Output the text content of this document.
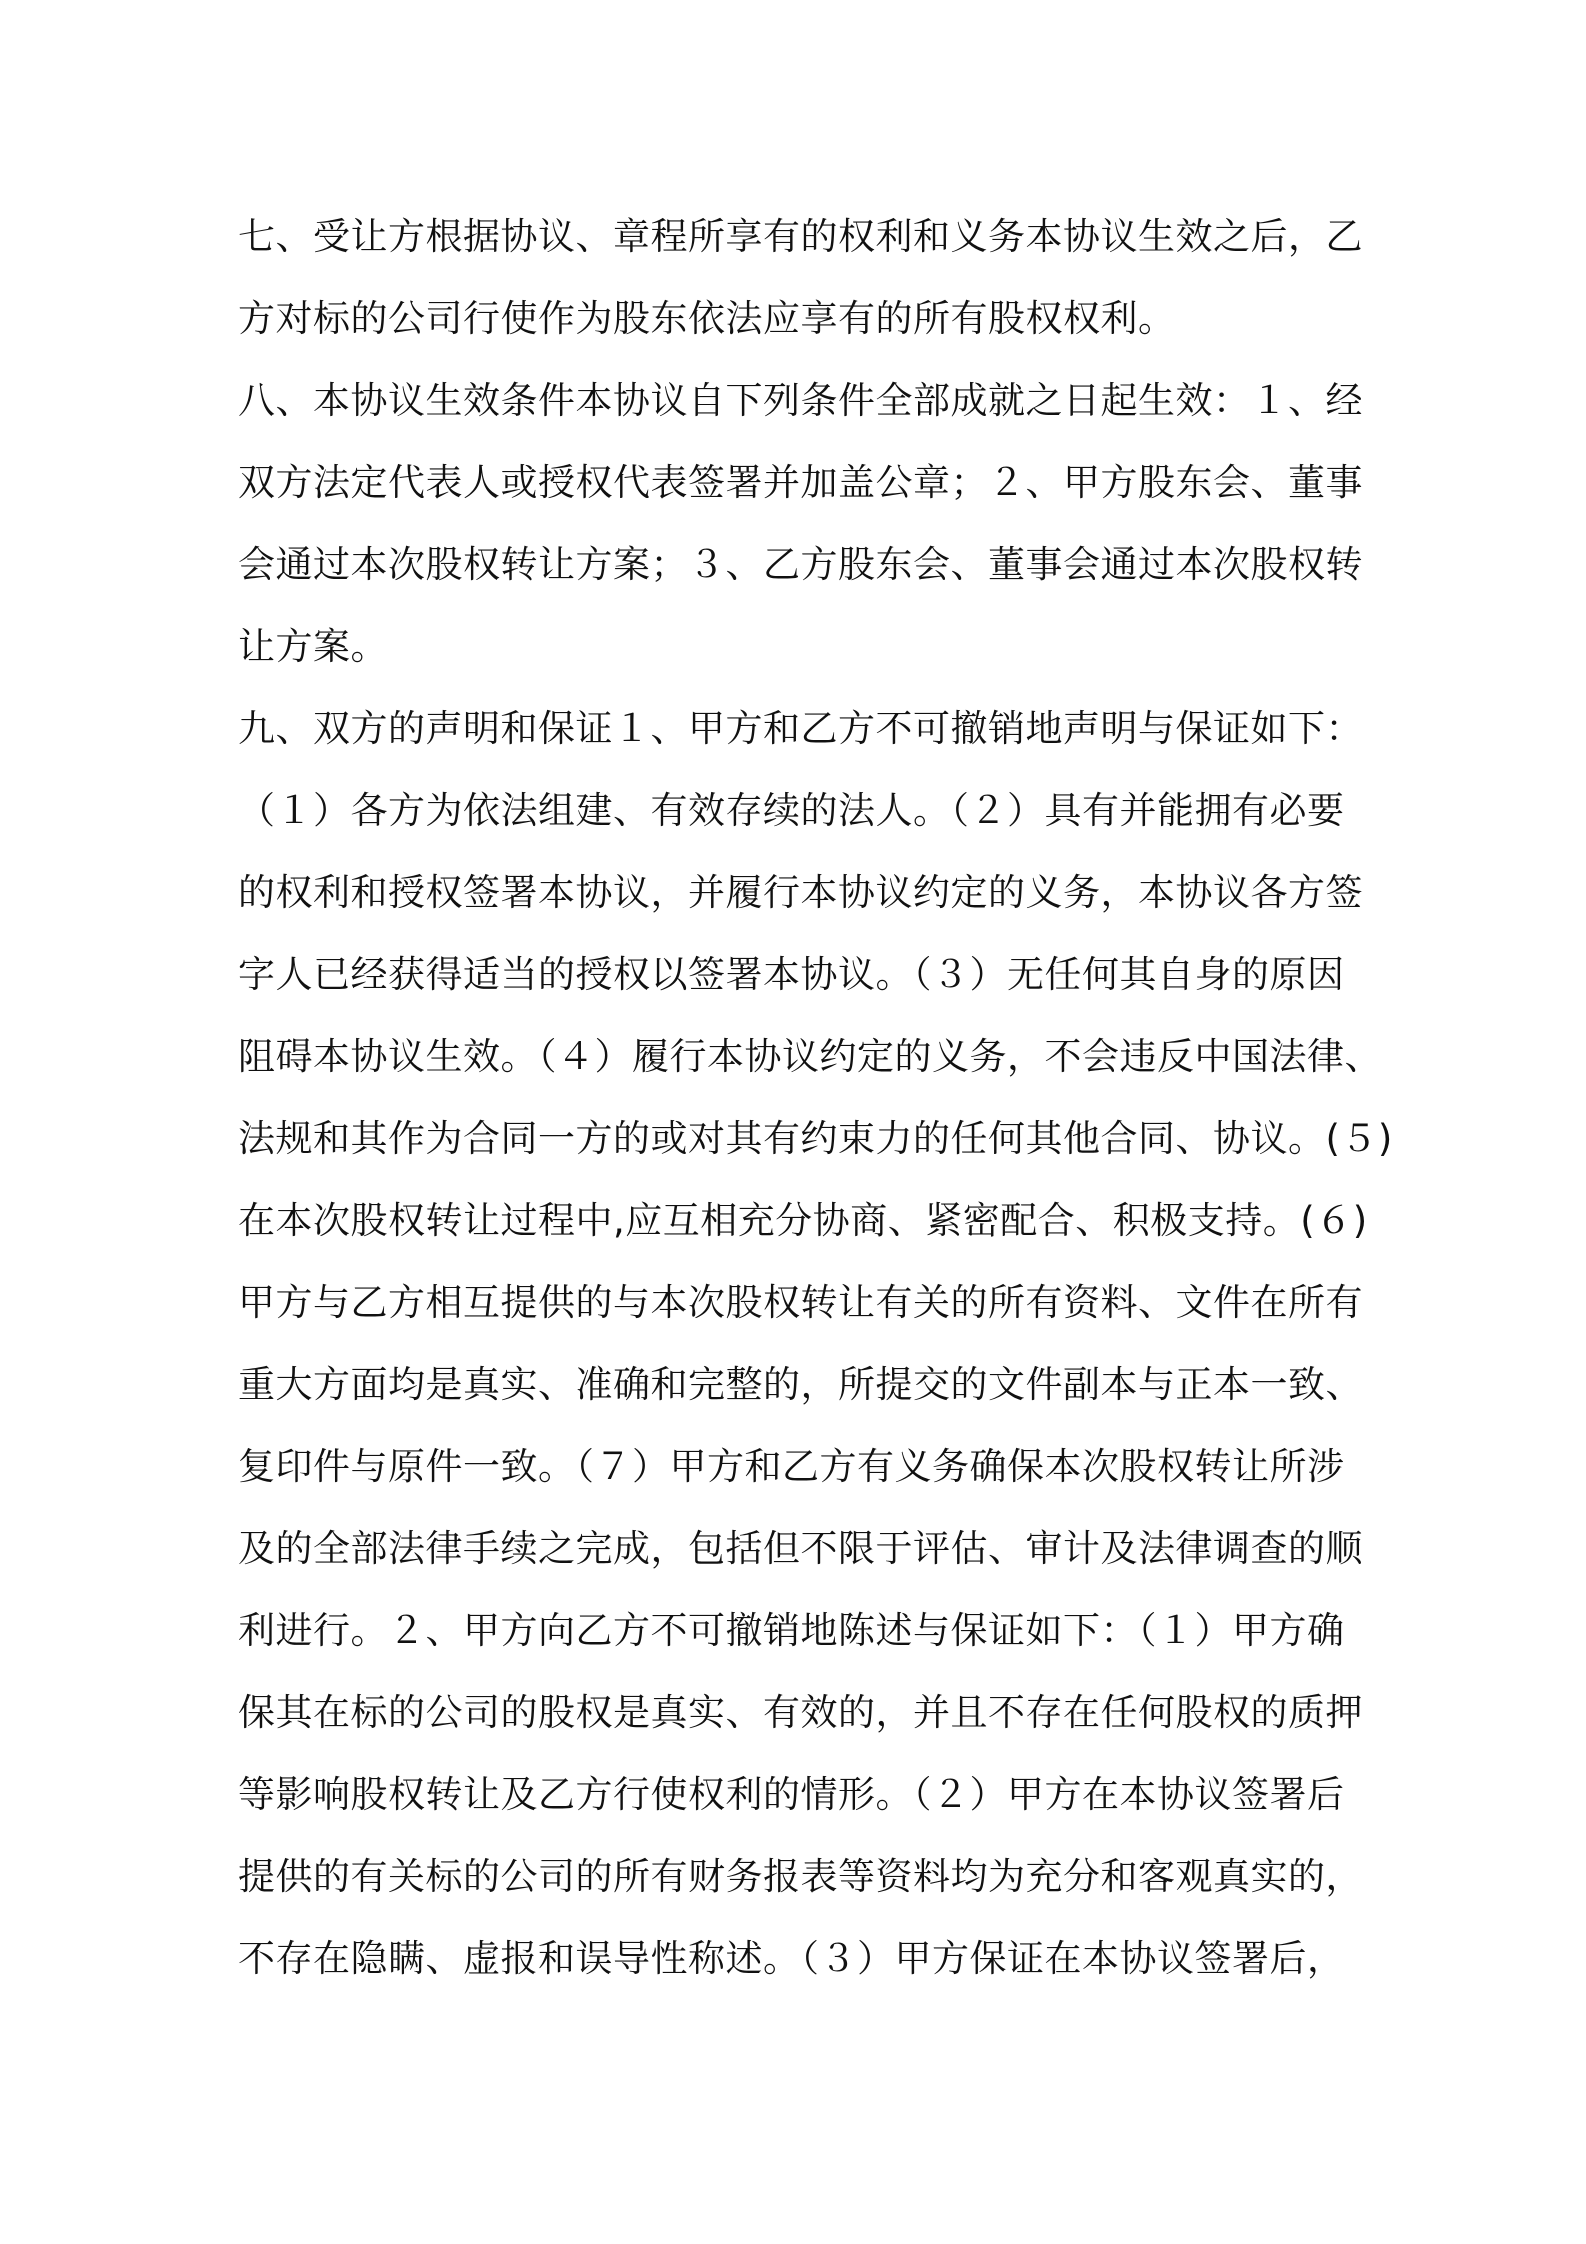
七、受让方根据协议、章程所享有的权利和义务本协议生效之后，乙
方对标的公司行使作为股东依法应享有的所有股权权利。
八、本协议生效条件本协议自下列条件全部成就之日起生效：１、经
双方法定代表人或授权代表签署并加盖公章；２、甲方股东会、董事
会通过本次股权转让方案；３、乙方股东会、董事会通过本次股权转
让方案。
九、双方的声明和保证１、甲方和乙方不可撤销地声明与保证如下：
（１）各方为依法组建、有效存续的法人。（２）具有并能拥有必要
的权利和授权签署本协议，并履行本协议约定的义务，本协议各方签
字人已经获得适当的授权以签署本协议。（３）无任何其自身的原因
阻碍本协议生效。（４）履行本协议约定的义务，不会违反中国法律、
法规和其作为合同一方的或对其有约束力的任何其他合同、协议。(５)
在本次股权转让过程中,应互相充分协商、紧密配合、积极支持。(６)
甲方与乙方相互提供的与本次股权转让有关的所有资料、文件在所有
重大方面均是真实、准确和完整的，所提交的文件副本与正本一致、
复印件与原件一致。（７）甲方和乙方有义务确保本次股权转让所涉
及的全部法律手续之完成，包括但不限于评估、审计及法律调查的顺
利进行。２、甲方向乙方不可撤销地陈述与保证如下：（１）甲方确
保其在标的公司的股权是真实、有效的，并且不存在任何股权的质押
等影响股权转让及乙方行使权利的情形。（２）甲方在本协议签署后
提供的有关标的公司的所有财务报表等资料均为充分和客观真实的，
不存在隐瞒、虚报和误导性称述。（３）甲方保证在本协议签署后，
